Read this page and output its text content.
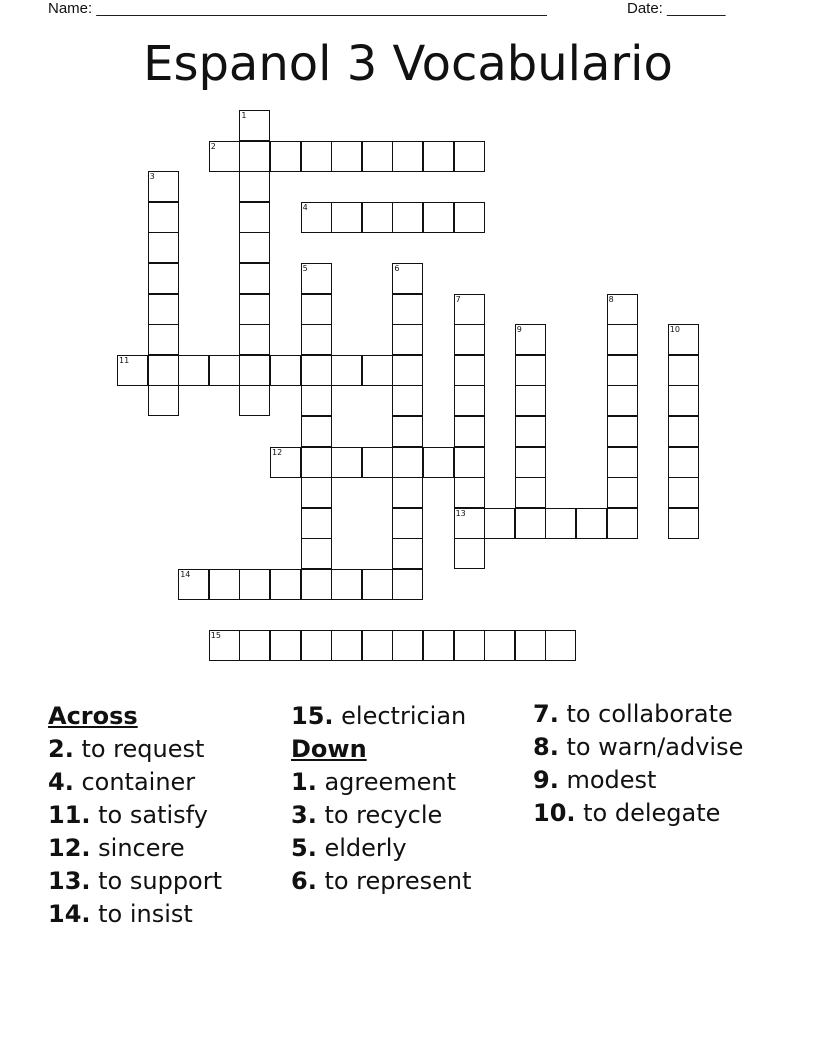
Name: ______________________________________________________	Date: _______
Espanol 3 Vocabulario
1
2
3
4
5	6
7
13
8
9	10
11
12
14
15
Across
2. to request
4. container
11. to satisfy
12. sincere
13. to support
14. to insist
15. electrician
Down
1. agreement
3. to recycle
5. elderly
6. to represent
7. to collaborate
8. to warn/advise
9. modest
10. to delegate
